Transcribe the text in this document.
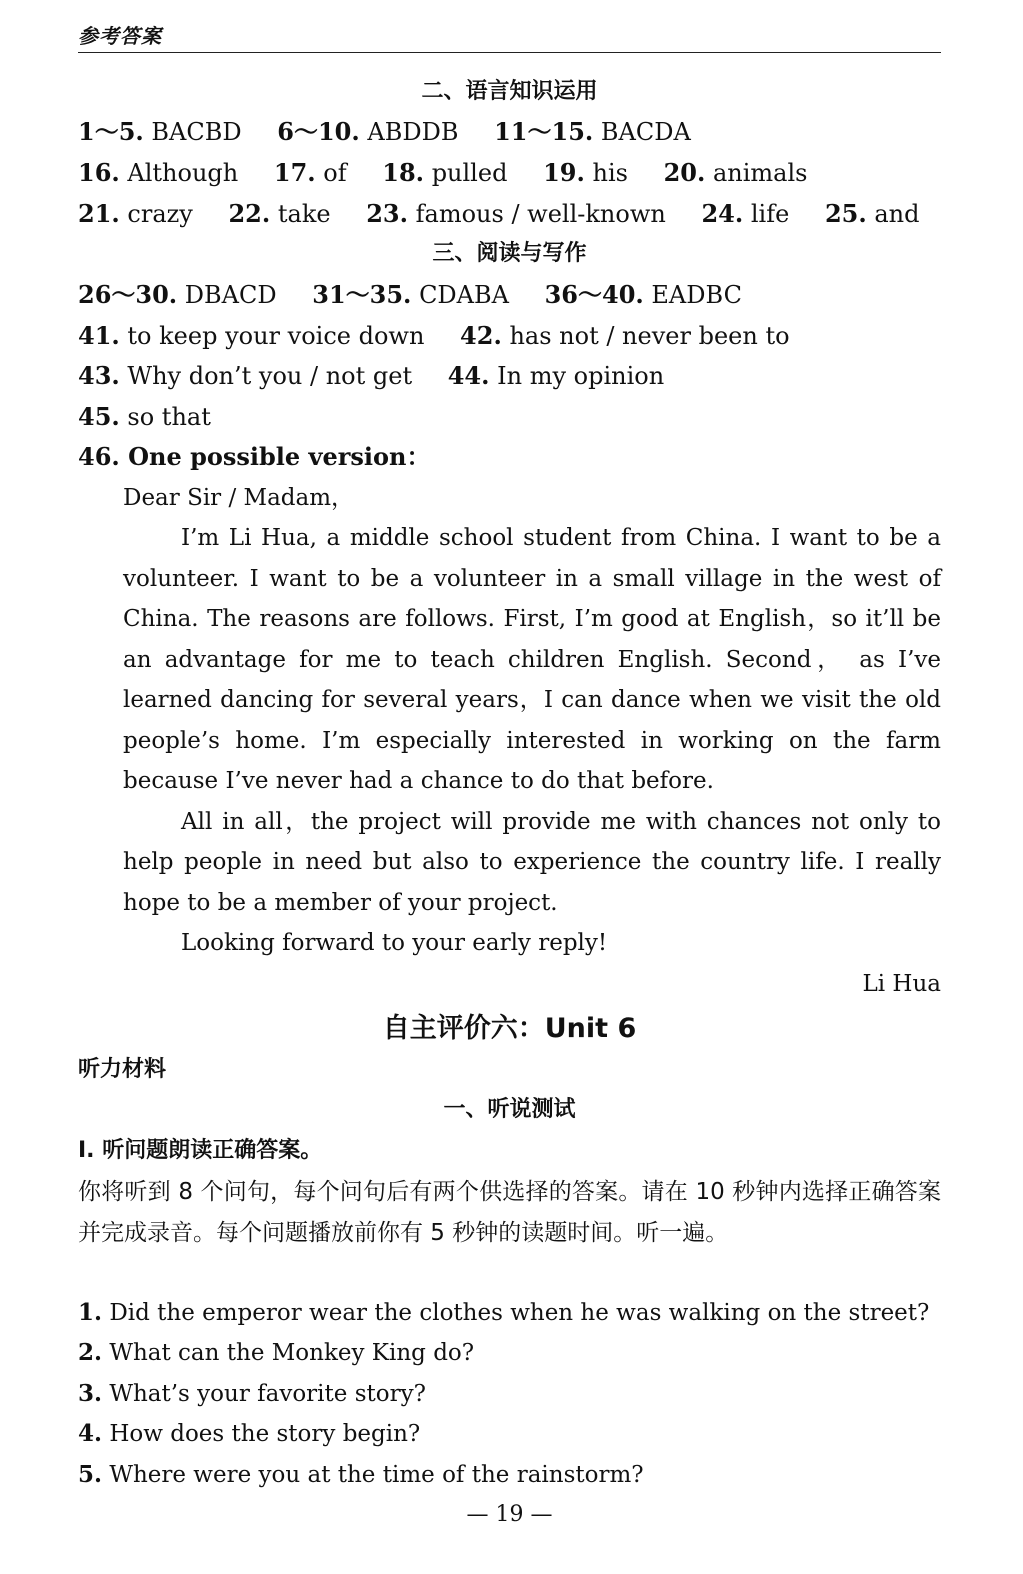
参考答案
二、语言知识运用
1～5. BACBD 6～10. ABDDB 11～15. BACDA
16. Although 17. of 18. pulled 19. his 20. animals
21. crazy 22. take 23. famous / well-known 24. life 25. and
三、阅读与写作
26～30. DBACD 31～35. CDABA 36～40. EADBC
41. to keep your voice down 42. has not / never been to
43. Why don’t you / not get 44. In my opinion
45. so that
46. One possible version：
Dear Sir / Madam，

I’m Li Hua, a middle school student from China. I want to be a volunteer. I want to be a volunteer in a small village in the west of China. The reasons are follows. First, I’m good at English，so it’ll be an advantage for me to teach children English. Second， as I’ve learned dancing for several years，I can dance when we visit the old people’s home. I’m especially interested in working on the farm because I’ve never had a chance to do that before.

All in all，the project will provide me with chances not only to help people in need but also to experience the country life. I really hope to be a member of your project.

Looking forward to your early reply!

Li Hua
自主评价六：Unit 6
听力材料
一、听说测试
Ⅰ. 听问题朗读正确答案。
你将听到 8 个问句，每个问句后有两个供选择的答案。请在 10 秒钟内选择正确答案并完成录音。每个问题播放前你有 5 秒钟的读题时间。听一遍。
1. Did the emperor wear the clothes when he was walking on the street?
2. What can the Monkey King do?
3. What’s your favorite story?
4. How does the story begin?
5. Where were you at the time of the rainstorm?
— 19 —
